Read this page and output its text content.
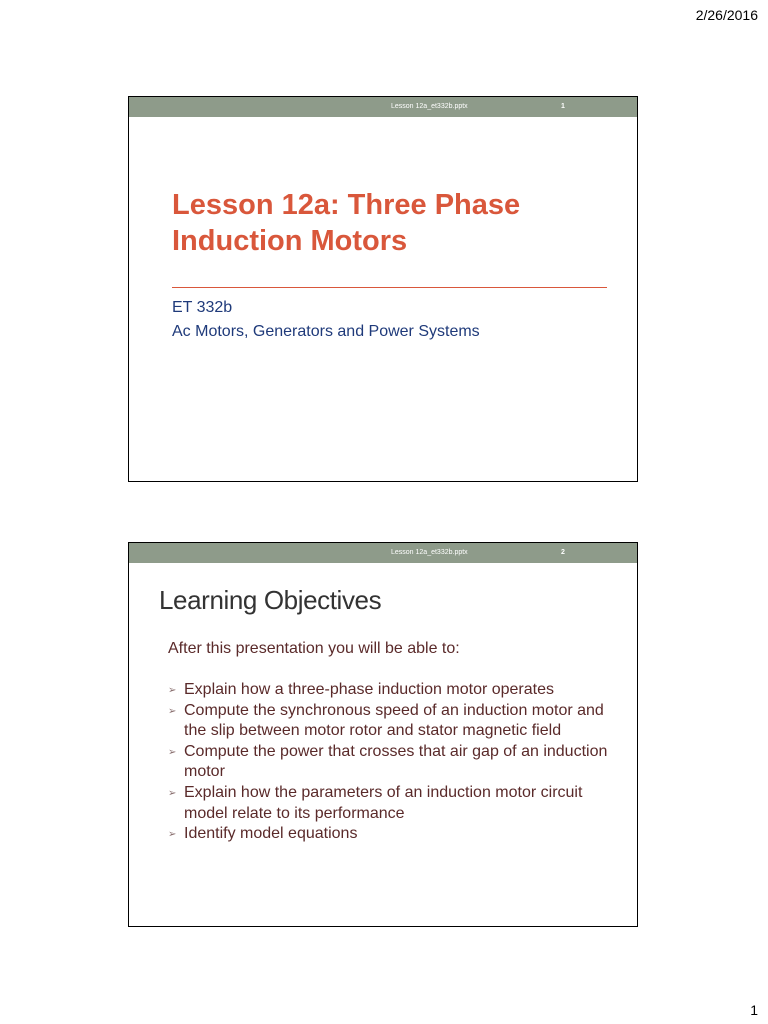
2/26/2016
Lesson 12a_et332b.pptx	1
Lesson 12a: Three Phase
Induction Motors
ET 332b
Ac Motors, Generators and Power Systems
Lesson 12a_et332b.pptx	2
Learning Objectives
After this presentation you will be able to:
➢ Explain how a three-phase induction motor operates
➢ Compute the synchronous speed of an induction motor and the slip between motor rotor and stator magnetic field
➢ Compute the power that crosses that air gap of an induction motor
➢ Explain how the parameters of an induction motor circuit model relate to its performance
➢ Identify model equations
1
